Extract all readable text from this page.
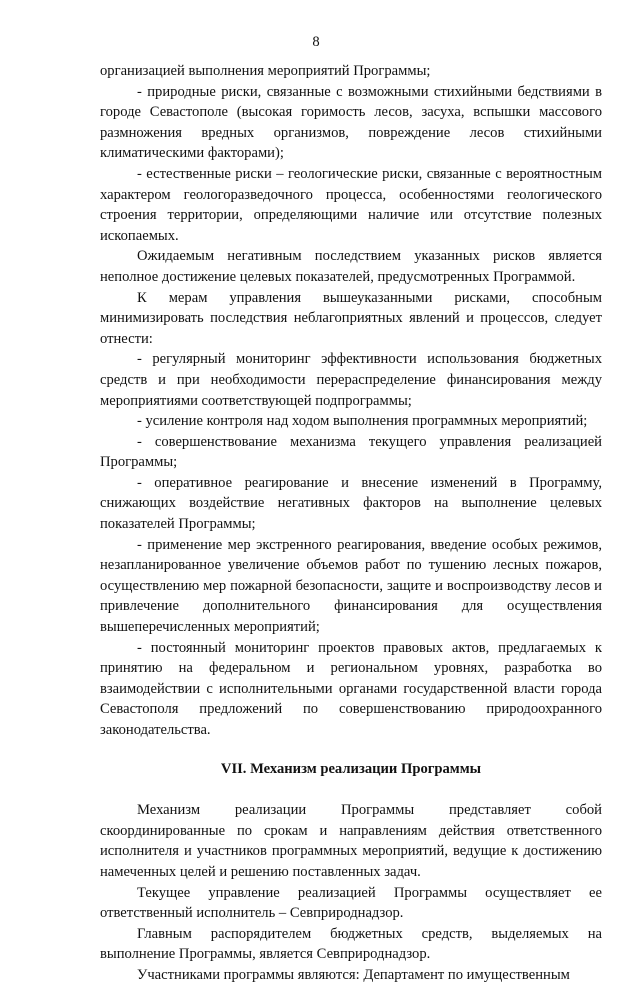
8

организацией выполнения мероприятий Программы;

- природные риски, связанные с возможными стихийными бедствиями в городе Севастополе (высокая горимость лесов, засуха, вспышки массового размножения вредных организмов, повреждение лесов стихийными климатическими факторами);

- естественные риски – геологические риски, связанные с вероятностным характером геологоразведочного процесса, особенностями геологического строения территории, определяющими наличие или отсутствие полезных ископаемых.

Ожидаемым негативным последствием указанных рисков является неполное достижение целевых показателей, предусмотренных Программой.

К мерам управления вышеуказанными рисками, способным минимизировать последствия неблагоприятных явлений и процессов, следует отнести:

- регулярный мониторинг эффективности использования бюджетных средств и при необходимости перераспределение финансирования между мероприятиями соответствующей подпрограммы;

- усиление контроля над ходом выполнения программных мероприятий;

- совершенствование механизма текущего управления реализацией Программы;

- оперативное реагирование и внесение изменений в Программу, снижающих воздействие негативных факторов на выполнение целевых показателей Программы;

- применение мер экстренного реагирования, введение особых режимов, незапланированное увеличение объемов работ по тушению лесных пожаров, осуществлению мер пожарной безопасности, защите и воспроизводству лесов и привлечение дополнительного финансирования для осуществления вышеперечисленных мероприятий;

- постоянный мониторинг проектов правовых актов, предлагаемых к принятию на федеральном и региональном уровнях, разработка во взаимодействии с исполнительными органами государственной власти города Севастополя предложений по совершенствованию природоохранного законодательства.

VII. Механизм реализации Программы

Механизм реализации Программы представляет собой скоординированные по срокам и направлениям действия ответственного исполнителя и участников программных мероприятий, ведущие к достижению намеченных целей и решению поставленных задач.

Текущее управление реализацией Программы осуществляет ее ответственный исполнитель – Севприроднадзор.

Главным распорядителем бюджетных средств, выделяемых на выполнение Программы, является Севприроднадзор.

Участниками программы являются: Департамент по имущественным
